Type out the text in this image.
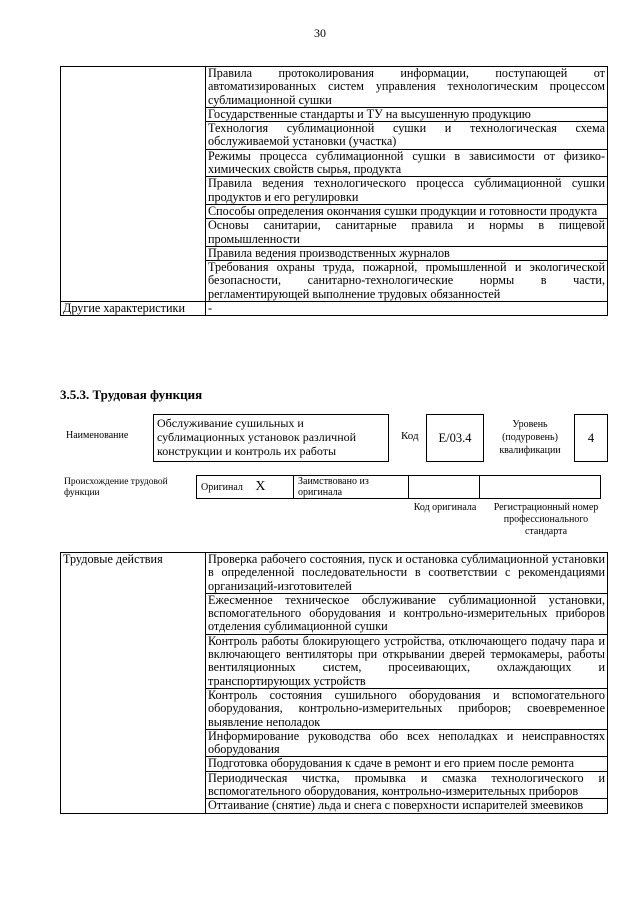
30
	Правила протоколирования информации, поступающей от автоматизированных систем управления технологическим процессом сублимационной сушки
	Государственные стандарты и ТУ на высушенную продукцию
	Технология сублимационной сушки и технологическая схема обслуживаемой установки (участка)
	Режимы процесса сублимационной сушки в зависимости от физико-химических свойств сырья, продукта
	Правила ведения технологического процесса сублимационной сушки продуктов и его регулировки
	Способы определения окончания сушки продукции и готовности продукта
	Основы санитарии, санитарные правила и нормы в пищевой промышленности
	Правила ведения производственных журналов
	Требования охраны труда, пожарной, промышленной и экологической безопасности, санитарно-технологические нормы в части, регламентирующей выполнение трудовых обязанностей
Другие характеристики	-
3.5.3. Трудовая функция
Наименование
Обслуживание сушильных и сублимационных установок различной конструкции и контроль их работы
Код	E/03.4
Уровень (подуровень) квалификации
4
Происхождение трудовой функции	Оригинал X	Заимствовано из оригинала		
Код оригинала	Регистрационный номер профессионального стандарта
Трудовые действия	Проверка рабочего состояния, пуск и остановка сублимационной установки в определенной последовательности в соответствии с рекомендациями организаций-изготовителей
Ежесменное техническое обслуживание сублимационной установки, вспомогательного оборудования и контрольно-измерительных приборов отделения сублимационной сушки
Контроль работы блокирующего устройства, отключающего подачу пара и включающего вентиляторы при открывании дверей термокамеры, работы вентиляционных систем, просеивающих, охлаждающих и транспортирующих устройств
Контроль состояния сушильного оборудования и вспомогательного оборудования, контрольно-измерительных приборов; своевременное выявление неполадок
Информирование руководства обо всех неполадках и неисправностях оборудования
Подготовка оборудования к сдаче в ремонт и его прием после ремонта
Периодическая чистка, промывка и смазка технологического и вспомогательного оборудования, контрольно-измерительных приборов
Оттаивание (снятие) льда и снега с поверхности испарителей змеевиков
